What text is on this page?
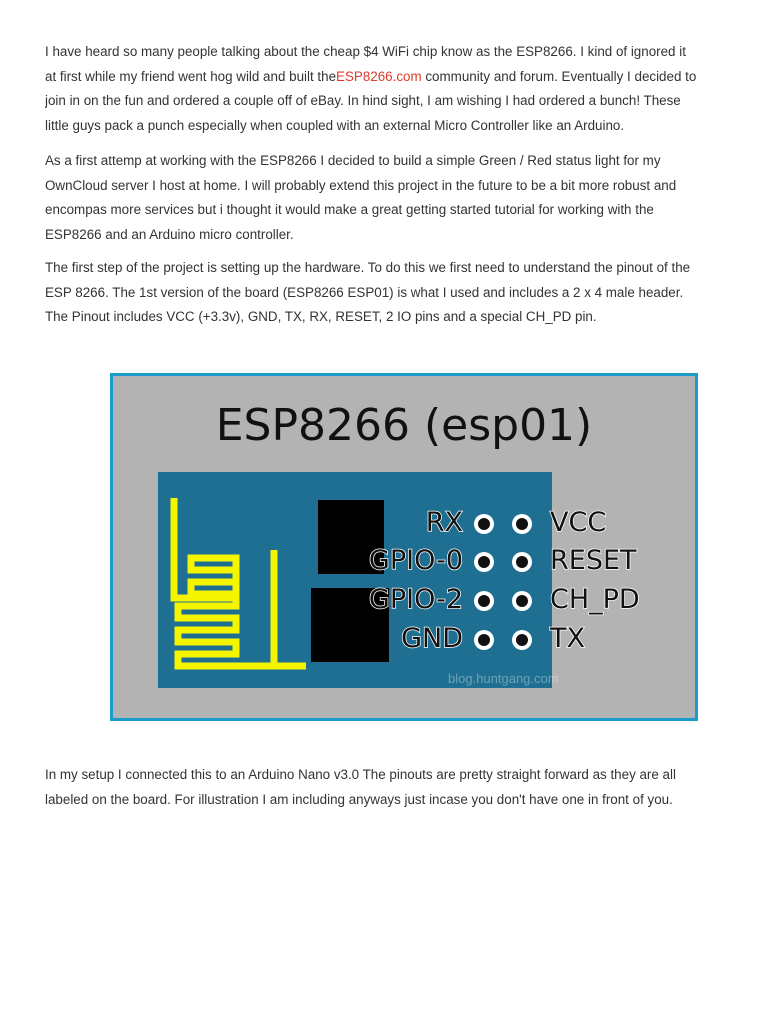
I have heard so many people talking about the cheap $4 WiFi chip know as the ESP8266. I kind of ignored it
at first while my friend went hog wild and built theESP8266.com community and forum. Eventually I decided to
join in on the fun and ordered a couple off of eBay. In hind sight, I am wishing I had ordered a bunch! These
little guys pack a punch especially when coupled with an external Micro Controller like an Arduino.

As a first attemp at working with the ESP8266 I decided to build a simple Green / Red status light for my
OwnCloud server I host at home. I will probably extend this project in the future to be a bit more robust and
encompas more services but i thought it would make a great getting started tutorial for working with the
ESP8266 and an Arduino micro controller.

The first step of the project is setting up the hardware. To do this we first need to understand the pinout of the
ESP 8266. The 1st version of the board (ESP8266 ESP01) is what I used and includes a 2 x 4 male header.
The Pinout includes VCC (+3.3v), GND, TX, RX, RESET, 2 IO pins and a special CH_PD pin.

ESP8266 (esp01)
RX
GPIO-0
GPIO-2
GND
VCC
RESET
CH_PD
TX
blog.huntgang.com

In my setup I connected this to an Arduino Nano v3.0 The pinouts are pretty straight forward as they are all
labeled on the board. For illustration I am including anyways just incase you don't have one in front of you.
